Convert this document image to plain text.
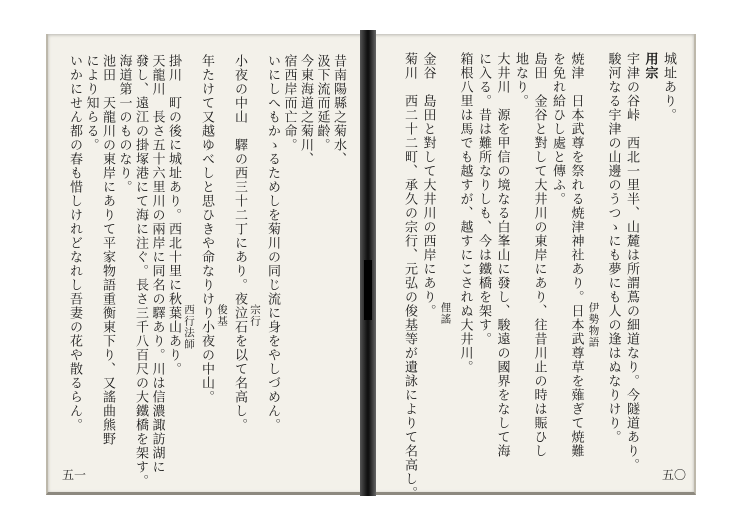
昔南陽縣之菊水、
汲下流而延齡。
今東海道之菊川、
宿西岸而亡命。
いにしへもかゝるためしを菊川の同じ流に身をやしづめん。
宗行
小夜の中山　驛の西三十二丁にあり。夜泣石を以て名高し。
俊基
年たけて又越ゆべしと思ひきや命なりけり小夜の中山。
西行法師
掛川　町の後に城址あり。西北十里に秋葉山あり。
天龍川　長さ五十六里川の兩岸に同名の驛あり。川は信濃諏訪湖に
發し、遠江の掛塚港にて海に注ぐ。長さ三千八百尺の大鐵橋を架す。
海道第一のものなり。
池田　天龍川の東岸にありて平家物語重衡東下り、又謠曲熊野
により知らる。
いかにせん都の春も惜しけれどなれし吾妻の花や散るらん。
五一
城址あり。
用宗
宇津の谷峠　西北一里半、山麓は所謂蔦の細道なり。今隧道あり。
駿河なる宇津の山邊のうつゝにも夢にも人の逢はぬなりけり。
伊勢物語
焼津　日本武尊を祭れる焼津神社あり。日本武尊草を薙ぎて焼難
を免れ給ひし處と傳ふ。
島田　金谷と對して大井川の東岸にあり、往昔川止の時は賑ひし
地なり。
大井川　源を甲信の境なる白峯山に發し、駿遠の國界をなして海
に入る。昔は難所なりしも、今は鐵橋を架す。
箱根八里は馬でも越すが、越すにこされぬ大井川。
俚謠
金谷　島田と對して大井川の西岸にあり。
菊川　西二十二町、承久の宗行、元弘の俊基等が遺詠によりて名高し。	五〇
